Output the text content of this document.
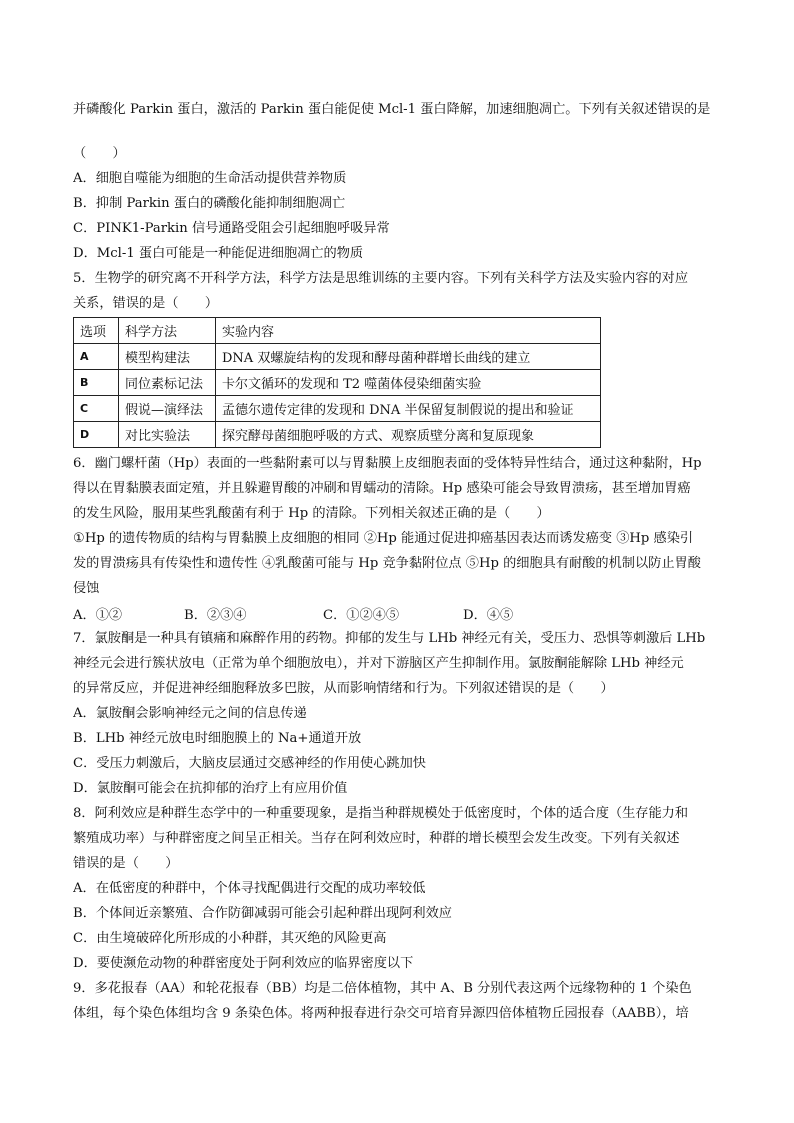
并磷酸化 Parkin 蛋白，激活的 Parkin 蛋白能促使 Mcl-1 蛋白降解，加速细胞凋亡。下列有关叙述错误的是
（　　）
A．细胞自噬能为细胞的生命活动提供营养物质
B．抑制 Parkin 蛋白的磷酸化能抑制细胞凋亡
C．PINK1-Parkin 信号通路受阻会引起细胞呼吸异常
D．Mcl-1 蛋白可能是一种能促进细胞凋亡的物质
5．生物学的研究离不开科学方法，科学方法是思维训练的主要内容。下列有关科学方法及实验内容的对应
关系，错误的是（　　）
选项	科学方法	实验内容
A	模型构建法	DNA 双螺旋结构的发现和酵母菌种群增长曲线的建立
B	同位素标记法	卡尔文循环的发现和 T2 噬菌体侵染细菌实验
C	假说—演绎法	孟德尔遗传定律的发现和 DNA 半保留复制假说的提出和验证
D	对比实验法	探究酵母菌细胞呼吸的方式、观察质壁分离和复原现象
6．幽门螺杆菌（Hp）表面的一些黏附素可以与胃黏膜上皮细胞表面的受体特异性结合，通过这种黏附，Hp
得以在胃黏膜表面定殖，并且躲避胃酸的冲刷和胃蠕动的清除。Hp 感染可能会导致胃溃疡，甚至增加胃癌
的发生风险，服用某些乳酸菌有利于 Hp 的清除。下列相关叙述正确的是（　　）
①Hp 的遗传物质的结构与胃黏膜上皮细胞的相同 ②Hp 能通过促进抑癌基因表达而诱发癌变 ③Hp 感染引
发的胃溃疡具有传染性和遗传性 ④乳酸菌可能与 Hp 竞争黏附位点 ⑤Hp 的细胞具有耐酸的机制以防止胃酸
侵蚀
A．①②	B．②③④	C．①②④⑤	D．④⑤
7．氯胺酮是一种具有镇痛和麻醉作用的药物。抑郁的发生与 LHb 神经元有关，受压力、恐惧等刺激后 LHb
神经元会进行簇状放电（正常为单个细胞放电），并对下游脑区产生抑制作用。氯胺酮能解除 LHb 神经元
的异常反应，并促进神经细胞释放多巴胺，从而影响情绪和行为。下列叙述错误的是（　　）
A．氯胺酮会影响神经元之间的信息传递
B．LHb 神经元放电时细胞膜上的 Na+通道开放
C．受压力刺激后，大脑皮层通过交感神经的作用使心跳加快
D．氯胺酮可能会在抗抑郁的治疗上有应用价值
8．阿利效应是种群生态学中的一种重要现象，是指当种群规模处于低密度时，个体的适合度（生存能力和
繁殖成功率）与种群密度之间呈正相关。当存在阿利效应时，种群的增长模型会发生改变。下列有关叙述
错误的是（　　）
A．在低密度的种群中，个体寻找配偶进行交配的成功率较低
B．个体间近亲繁殖、合作防御减弱可能会引起种群出现阿利效应
C．由生境破碎化所形成的小种群，其灭绝的风险更高
D．要使濒危动物的种群密度处于阿利效应的临界密度以下
9．多花报春（AA）和轮花报春（BB）均是二倍体植物，其中 A、B 分别代表这两个远缘物种的 1 个染色
体组，每个染色体组均含 9 条染色体。将两种报春进行杂交可培育异源四倍体植物丘园报春（AABB），培
